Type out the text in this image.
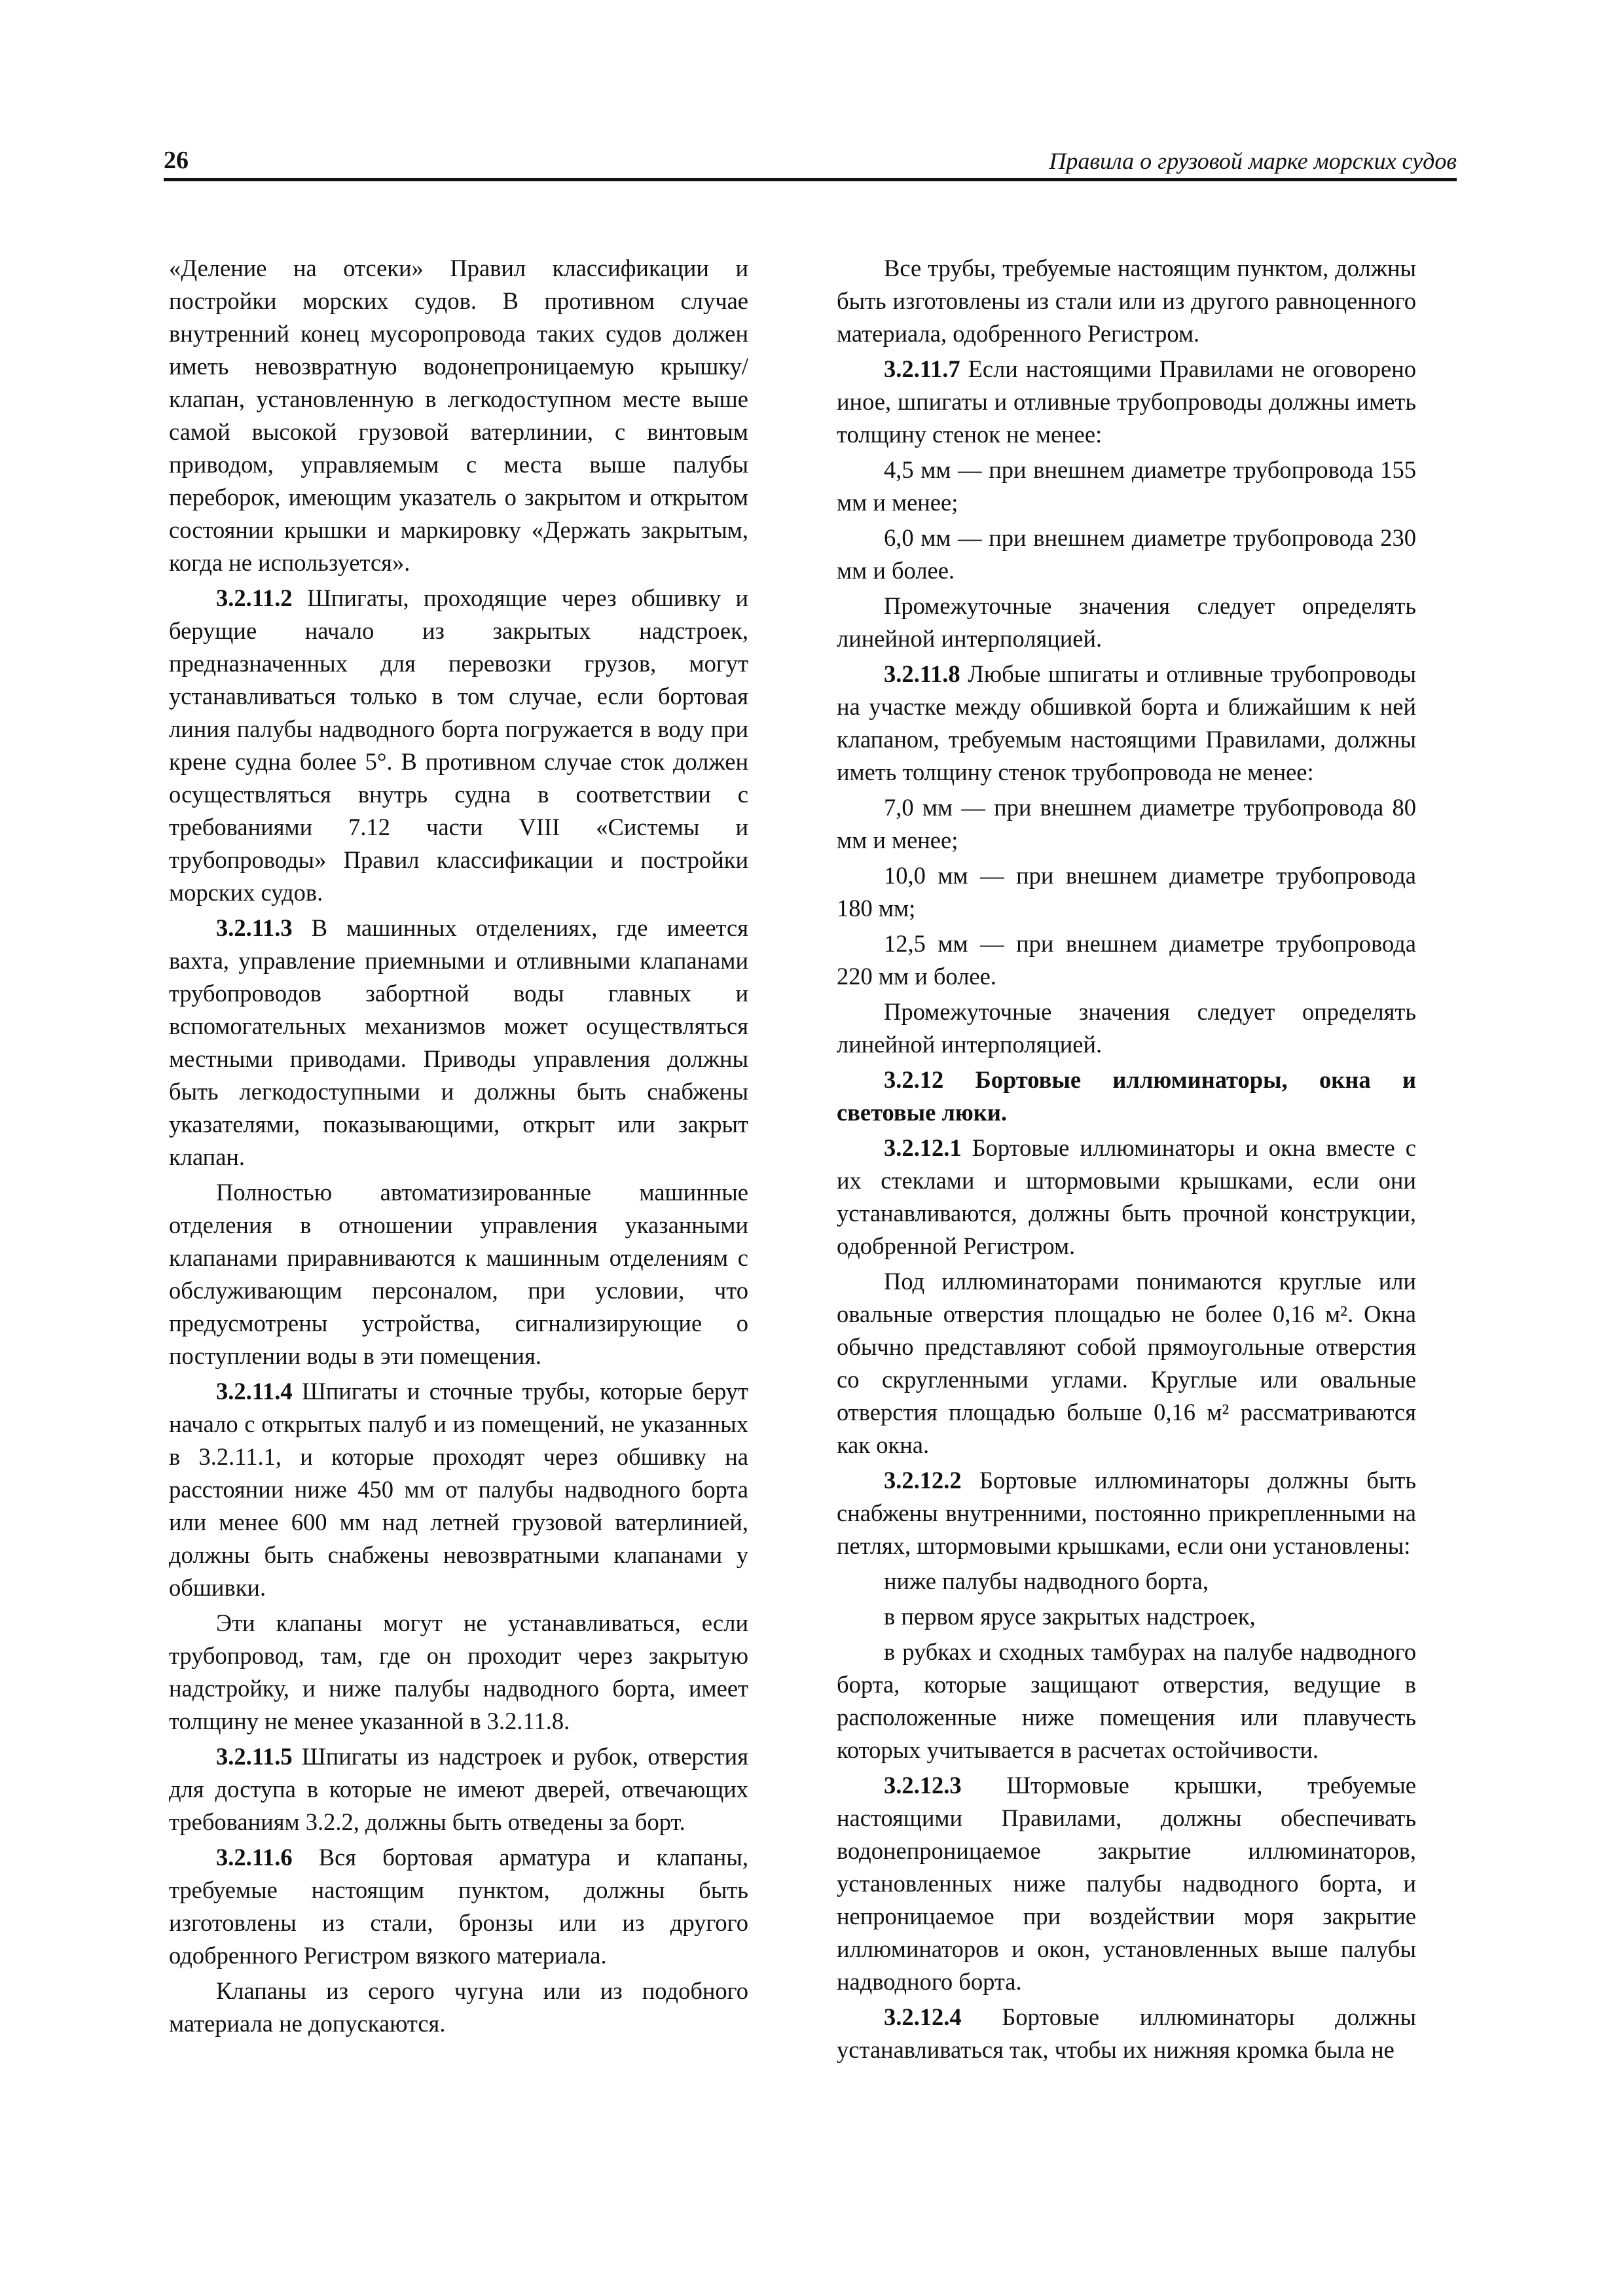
26	Правила о грузовой марке морских судов

«Деление на отсеки» Правил классификации и постройки морских судов. В противном случае внутренний конец мусоропровода таких судов должен иметь невозвратную водонепроницаемую крышку/клапан, установленную в легкодоступном месте выше самой высокой грузовой ватерлинии, с винтовым приводом, управляемым с места выше палубы переборок, имеющим указатель о закрытом и открытом состоянии крышки и маркировку «Держать закрытым, когда не используется».

3.2.11.2 Шпигаты, проходящие через обшивку и берущие начало из закрытых надстроек, предназначенных для перевозки грузов, могут устанавливаться только в том случае, если бортовая линия палубы надводного борта погружается в воду при крене судна более 5°. В противном случае сток должен осуществляться внутрь судна в соответствии с требованиями 7.12 части VIII «Системы и трубопроводы» Правил классификации и постройки морских судов.

3.2.11.3 В машинных отделениях, где имеется вахта, управление приемными и отливными клапанами трубопроводов забортной воды главных и вспомогательных механизмов может осуществляться местными приводами. Приводы управления должны быть легкодоступными и должны быть снабжены указателями, показывающими, открыт или закрыт клапан.

Полностью автоматизированные машинные отделения в отношении управления указанными клапанами приравниваются к машинным отделениям с обслуживающим персоналом, при условии, что предусмотрены устройства, сигнализирующие о поступлении воды в эти помещения.

3.2.11.4 Шпигаты и сточные трубы, которые берут начало с открытых палуб и из помещений, не указанных в 3.2.11.1, и которые проходят через обшивку на расстоянии ниже 450 мм от палубы надводного борта или менее 600 мм над летней грузовой ватерлинией, должны быть снабжены невозвратными клапанами у обшивки.

Эти клапаны могут не устанавливаться, если трубопровод, там, где он проходит через закрытую надстройку, и ниже палубы надводного борта, имеет толщину не менее указанной в 3.2.11.8.

3.2.11.5 Шпигаты из надстроек и рубок, отверстия для доступа в которые не имеют дверей, отвечающих требованиям 3.2.2, должны быть отведены за борт.

3.2.11.6 Вся бортовая арматура и клапаны, требуемые настоящим пунктом, должны быть изготовлены из стали, бронзы или из другого одобренного Регистром вязкого материала.

Клапаны из серого чугуна или из подобного материала не допускаются.

Все трубы, требуемые настоящим пунктом, должны быть изготовлены из стали или из другого равноценного материала, одобренного Регистром.

3.2.11.7 Если настоящими Правилами не оговорено иное, шпигаты и отливные трубопроводы должны иметь толщину стенок не менее:

4,5 мм — при внешнем диаметре трубопровода 155 мм и менее;

6,0 мм — при внешнем диаметре трубопровода 230 мм и более.

Промежуточные значения следует определять линейной интерполяцией.

3.2.11.8 Любые шпигаты и отливные трубопроводы на участке между обшивкой борта и ближайшим к ней клапаном, требуемым настоящими Правилами, должны иметь толщину стенок трубопровода не менее:

7,0 мм — при внешнем диаметре трубопровода 80 мм и менее;

10,0 мм — при внешнем диаметре трубопровода 180 мм;

12,5 мм — при внешнем диаметре трубопровода 220 мм и более.

Промежуточные значения следует определять линейной интерполяцией.

3.2.12 Бортовые иллюминаторы, окна и световые люки.

3.2.12.1 Бортовые иллюминаторы и окна вместе с их стеклами и штормовыми крышками, если они устанавливаются, должны быть прочной конструкции, одобренной Регистром.

Под иллюминаторами понимаются круглые или овальные отверстия площадью не более 0,16 м². Окна обычно представляют собой прямоугольные отверстия со скругленными углами. Круглые или овальные отверстия площадью больше 0,16 м² рассматриваются как окна.

3.2.12.2 Бортовые иллюминаторы должны быть снабжены внутренними, постоянно прикрепленными на петлях, штормовыми крышками, если они установлены:

ниже палубы надводного борта,

в первом ярусе закрытых надстроек,

в рубках и сходных тамбурах на палубе надводного борта, которые защищают отверстия, ведущие в расположенные ниже помещения или плавучесть которых учитывается в расчетах остойчивости.

3.2.12.3 Штормовые крышки, требуемые настоящими Правилами, должны обеспечивать водонепроницаемое закрытие иллюминаторов, установленных ниже палубы надводного борта, и непроницаемое при воздействии моря закрытие иллюминаторов и окон, установленных выше палубы надводного борта.

3.2.12.4 Бортовые иллюминаторы должны устанавливаться так, чтобы их нижняя кромка была не
